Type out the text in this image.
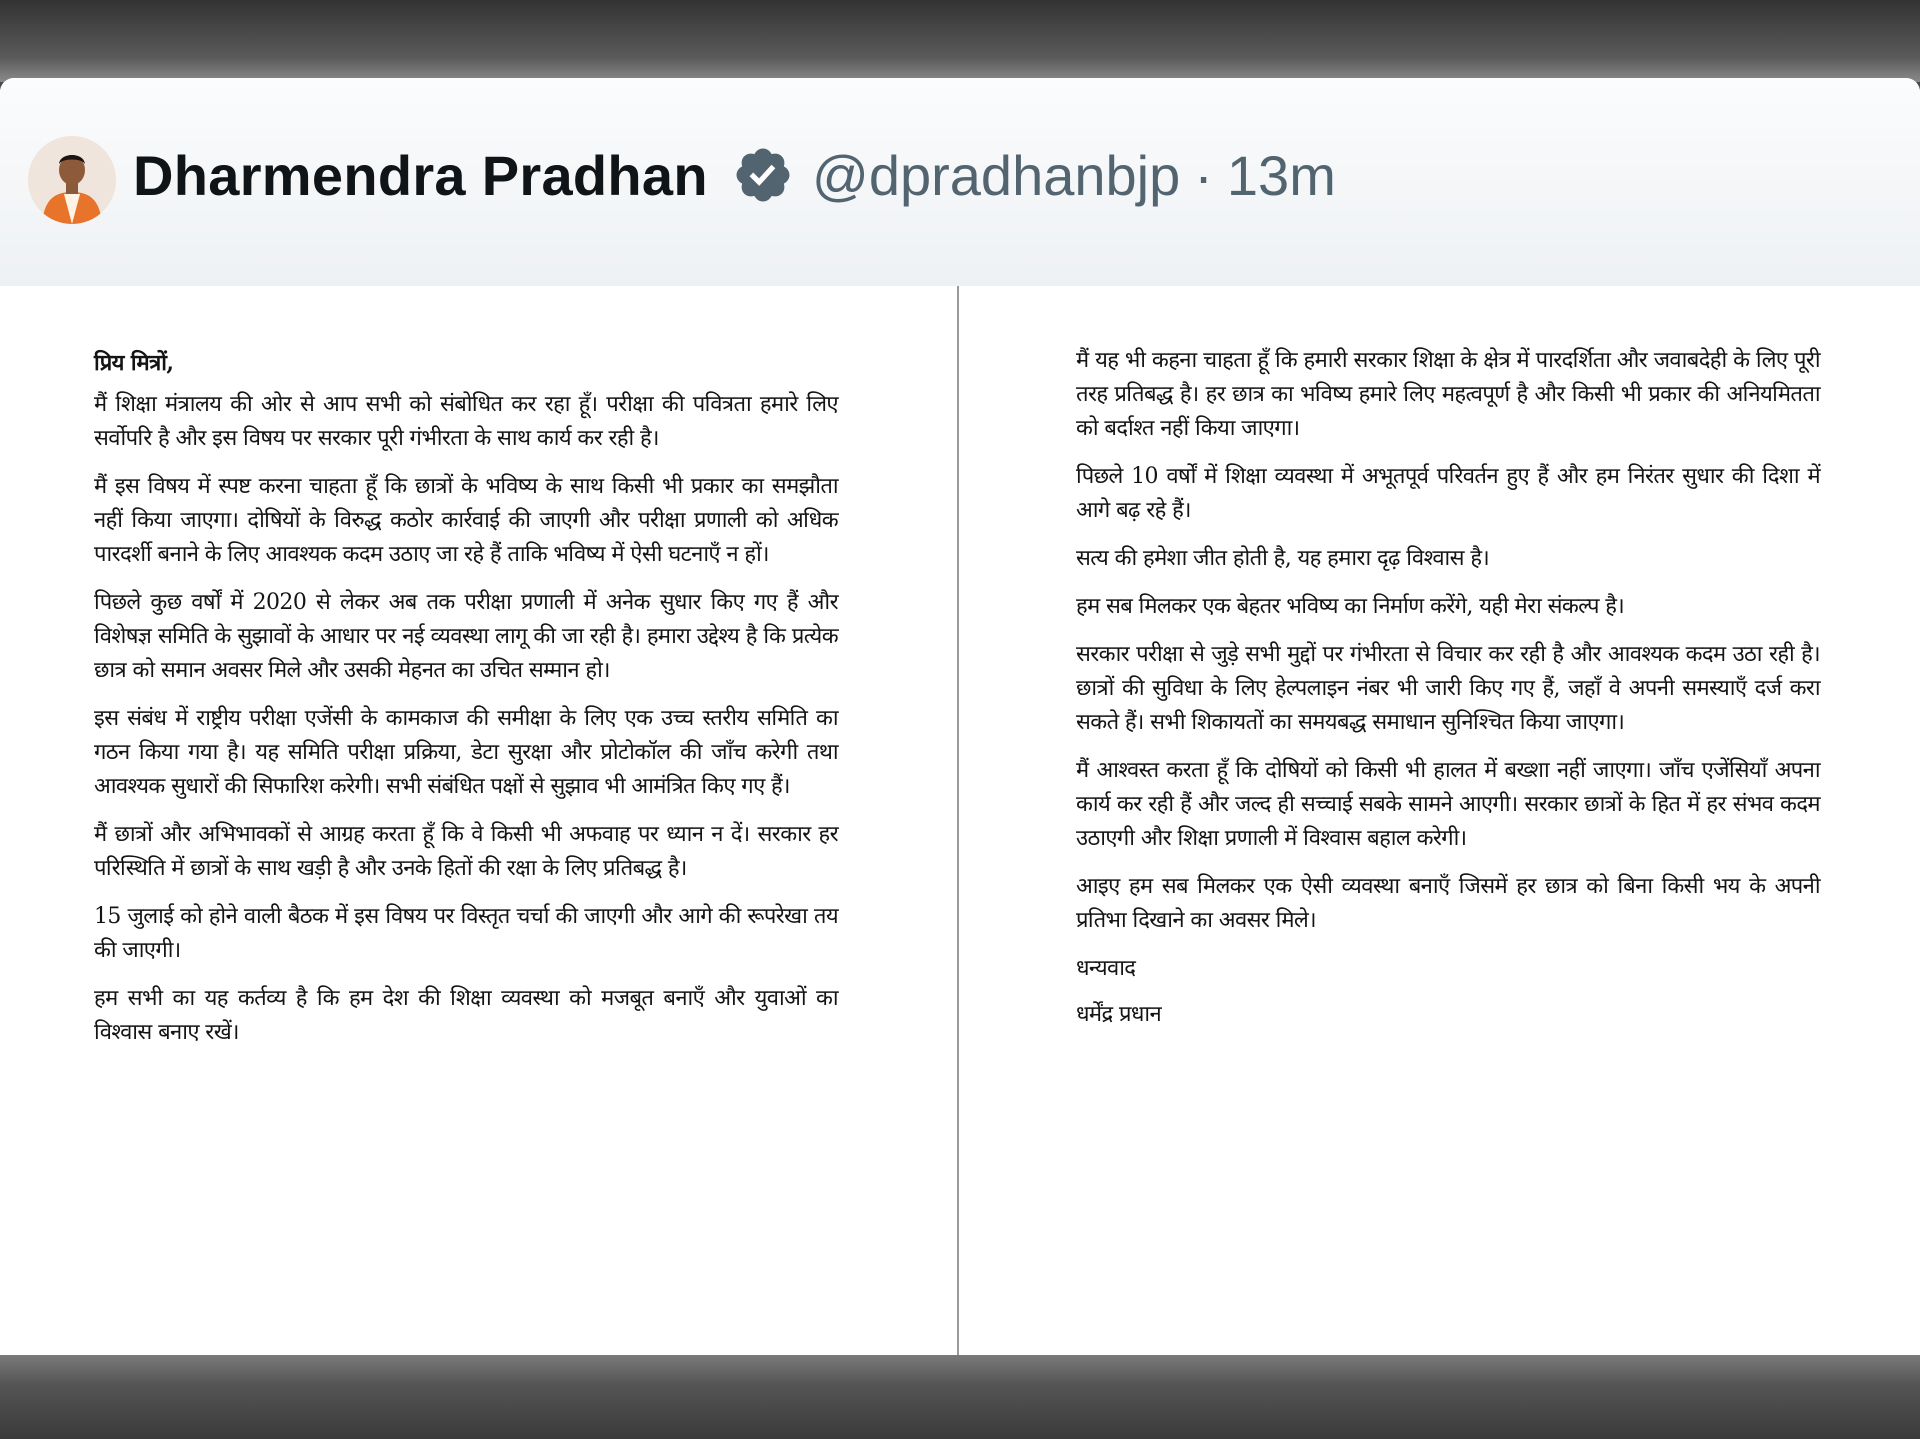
Dharmendra Pradhan @dpradhanbjp · 13m

प्रिय मित्रों,

मैं शिक्षा मंत्रालय की ओर से आप सभी को संबोधित कर रहा हूँ। परीक्षा की पवित्रता हमारे लिए सर्वोपरि है और इस विषय पर सरकार पूरी गंभीरता के साथ कार्य कर रही है।

मैं इस विषय में स्पष्ट करना चाहता हूँ कि छात्रों के भविष्य के साथ किसी भी प्रकार का समझौता नहीं किया जाएगा। दोषियों के विरुद्ध कठोर कार्रवाई की जाएगी और परीक्षा प्रणाली को अधिक पारदर्शी बनाने के लिए आवश्यक कदम उठाए जा रहे हैं ताकि भविष्य में ऐसी घटनाएँ न हों।

पिछले कुछ वर्षों में 2020 से लेकर अब तक परीक्षा प्रणाली में अनेक सुधार किए गए हैं और विशेषज्ञ समिति के सुझावों के आधार पर नई व्यवस्था लागू की जा रही है। हमारा उद्देश्य है कि प्रत्येक छात्र को समान अवसर मिले और उसकी मेहनत का उचित सम्मान हो।

इस संबंध में राष्ट्रीय परीक्षा एजेंसी के कामकाज की समीक्षा के लिए एक उच्च स्तरीय समिति का गठन किया गया है। यह समिति परीक्षा प्रक्रिया, डेटा सुरक्षा और प्रोटोकॉल की जाँच करेगी तथा आवश्यक सुधारों की सिफारिश करेगी। सभी संबंधित पक्षों से सुझाव भी आमंत्रित किए गए हैं।

मैं छात्रों और अभिभावकों से आग्रह करता हूँ कि वे किसी भी अफवाह पर ध्यान न दें। सरकार हर परिस्थिति में छात्रों के साथ खड़ी है और उनके हितों की रक्षा के लिए प्रतिबद्ध है।

15 जुलाई को होने वाली बैठक में इस विषय पर विस्तृत चर्चा की जाएगी और आगे की रूपरेखा तय की जाएगी।

हम सभी का यह कर्तव्य है कि हम देश की शिक्षा व्यवस्था को मजबूत बनाएँ और युवाओं का विश्वास बनाए रखें।

मैं यह भी कहना चाहता हूँ कि हमारी सरकार शिक्षा के क्षेत्र में पारदर्शिता और जवाबदेही के लिए पूरी तरह प्रतिबद्ध है। हर छात्र का भविष्य हमारे लिए महत्वपूर्ण है और किसी भी प्रकार की अनियमितता को बर्दाश्त नहीं किया जाएगा।

पिछले 10 वर्षों में शिक्षा व्यवस्था में अभूतपूर्व परिवर्तन हुए हैं और हम निरंतर सुधार की दिशा में आगे बढ़ रहे हैं।

सत्य की हमेशा जीत होती है, यह हमारा दृढ़ विश्वास है।

हम सब मिलकर एक बेहतर भविष्य का निर्माण करेंगे, यही मेरा संकल्प है।

सरकार परीक्षा से जुड़े सभी मुद्दों पर गंभीरता से विचार कर रही है और आवश्यक कदम उठा रही है। छात्रों की सुविधा के लिए हेल्पलाइन नंबर भी जारी किए गए हैं, जहाँ वे अपनी समस्याएँ दर्ज करा सकते हैं। सभी शिकायतों का समयबद्ध समाधान सुनिश्चित किया जाएगा।

मैं आश्वस्त करता हूँ कि दोषियों को किसी भी हालत में बख्शा नहीं जाएगा। जाँच एजेंसियाँ अपना कार्य कर रही हैं और जल्द ही सच्चाई सबके सामने आएगी। सरकार छात्रों के हित में हर संभव कदम उठाएगी और शिक्षा प्रणाली में विश्वास बहाल करेगी।

आइए हम सब मिलकर एक ऐसी व्यवस्था बनाएँ जिसमें हर छात्र को बिना किसी भय के अपनी प्रतिभा दिखाने का अवसर मिले।

धन्यवाद

धर्मेंद्र प्रधान
